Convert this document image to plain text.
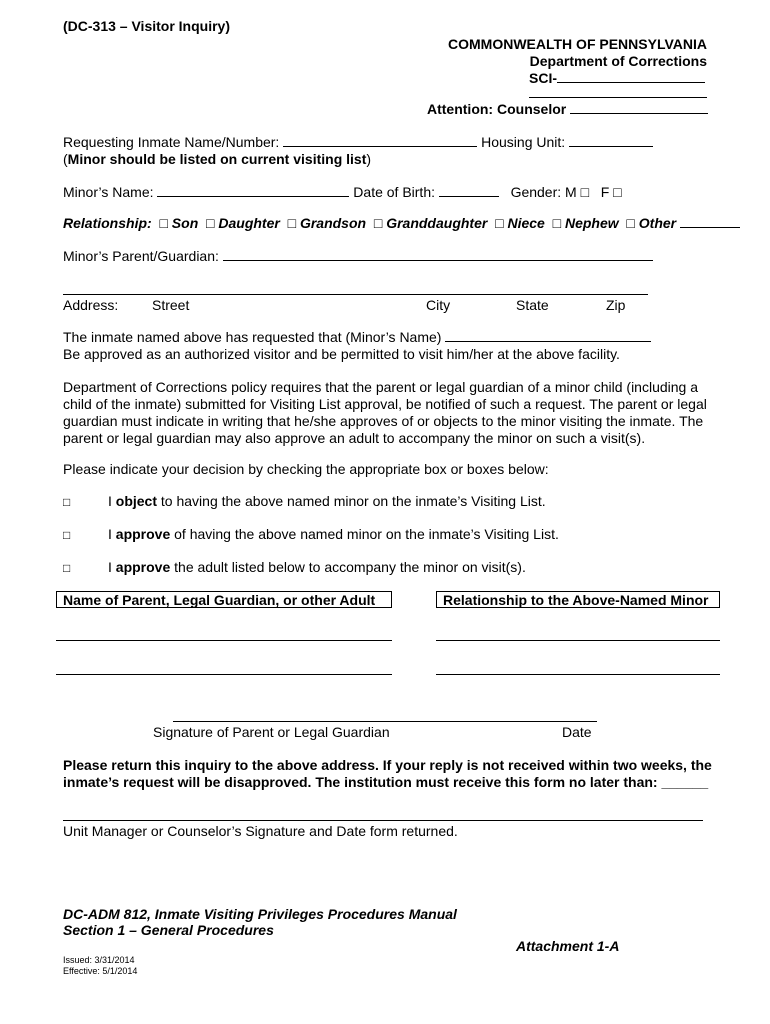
(DC-313 – Visitor Inquiry)
COMMONWEALTH OF PENNSYLVANIA
Department of Corrections
SCI-
Attention: Counselor
Requesting Inmate Name/Number:	Housing Unit:
(Minor should be listed on current visiting list)
Minor’s Name:	Date of Birth:	Gender: M □ F □
Relationship: □ Son □ Daughter □ Grandson □ Granddaughter □ Niece □ Nephew □ Other
Minor’s Parent/Guardian:
Address: Street	City	State	Zip
The inmate named above has requested that (Minor’s Name)
Be approved as an authorized visitor and be permitted to visit him/her at the above facility.
Department of Corrections policy requires that the parent or legal guardian of a minor child (including a child of the inmate) submitted for Visiting List approval, be notified of such a request. The parent or legal guardian must indicate in writing that he/she approves of or objects to the minor visiting the inmate. The parent or legal guardian may also approve an adult to accompany the minor on such a visit(s).
Please indicate your decision by checking the appropriate box or boxes below:
□	I object to having the above named minor on the inmate’s Visiting List.
□	I approve of having the above named minor on the inmate’s Visiting List.
□	I approve the adult listed below to accompany the minor on visit(s).
Name of Parent, Legal Guardian, or other Adult	Relationship to the Above-Named Minor
Signature of Parent or Legal Guardian	Date
Please return this inquiry to the above address. If your reply is not received within two weeks, the inmate’s request will be disapproved. The institution must receive this form no later than: ______
Unit Manager or Counselor’s Signature and Date form returned.
DC-ADM 812, Inmate Visiting Privileges Procedures Manual
Section 1 – General Procedures
Attachment 1-A
Issued: 3/31/2014
Effective: 5/1/2014
